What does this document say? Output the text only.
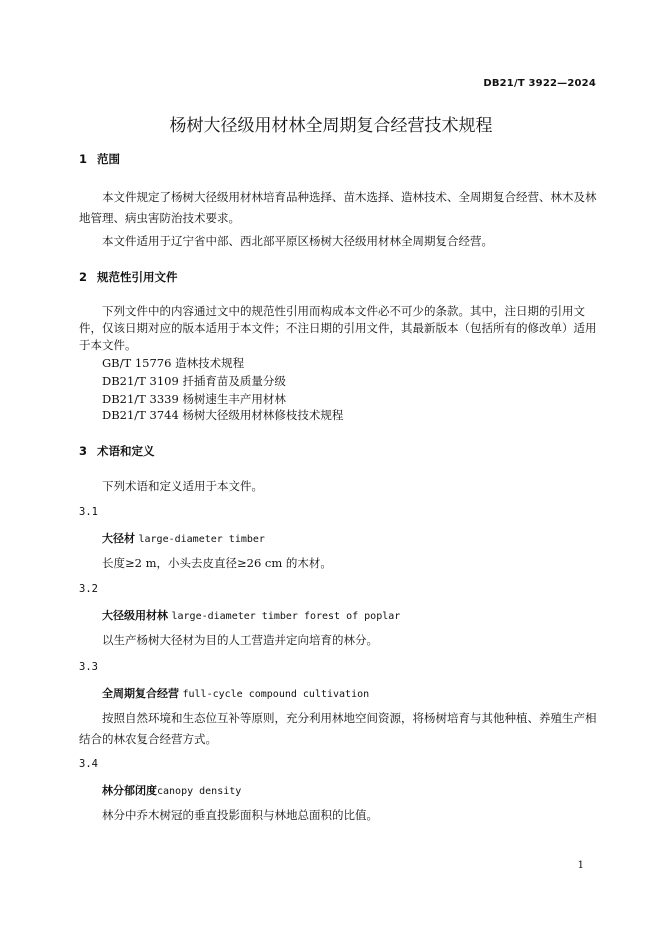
DB21/T 3922—2024
杨树大径级用材林全周期复合经营技术规程
1 范围
本文件规定了杨树大径级用材林培育品种选择、苗木选择、造林技术、全周期复合经营、林木及林地管理、病虫害防治技术要求。
本文件适用于辽宁省中部、西北部平原区杨树大径级用材林全周期复合经营。
2 规范性引用文件
下列文件中的内容通过文中的规范性引用而构成本文件必不可少的条款。其中，注日期的引用文件，仅该日期对应的版本适用于本文件；不注日期的引用文件，其最新版本（包括所有的修改单）适用于本文件。
GB/T 15776 造林技术规程
DB21/T 3109 扦插育苗及质量分级
DB21/T 3339 杨树速生丰产用材林
DB21/T 3744 杨树大径级用材林修枝技术规程
3 术语和定义
下列术语和定义适用于本文件。
3.1
大径材 large-diameter timber
长度≥2 m，小头去皮直径≥26 cm 的木材。
3.2
大径级用材林 large-diameter timber forest of poplar
以生产杨树大径材为目的人工营造并定向培育的林分。
3.3
全周期复合经营 full-cycle compound cultivation
按照自然环境和生态位互补等原则，充分利用林地空间资源，将杨树培育与其他种植、养殖生产相结合的林农复合经营方式。
3.4
林分郁闭度canopy density
林分中乔木树冠的垂直投影面积与林地总面积的比值。
1
